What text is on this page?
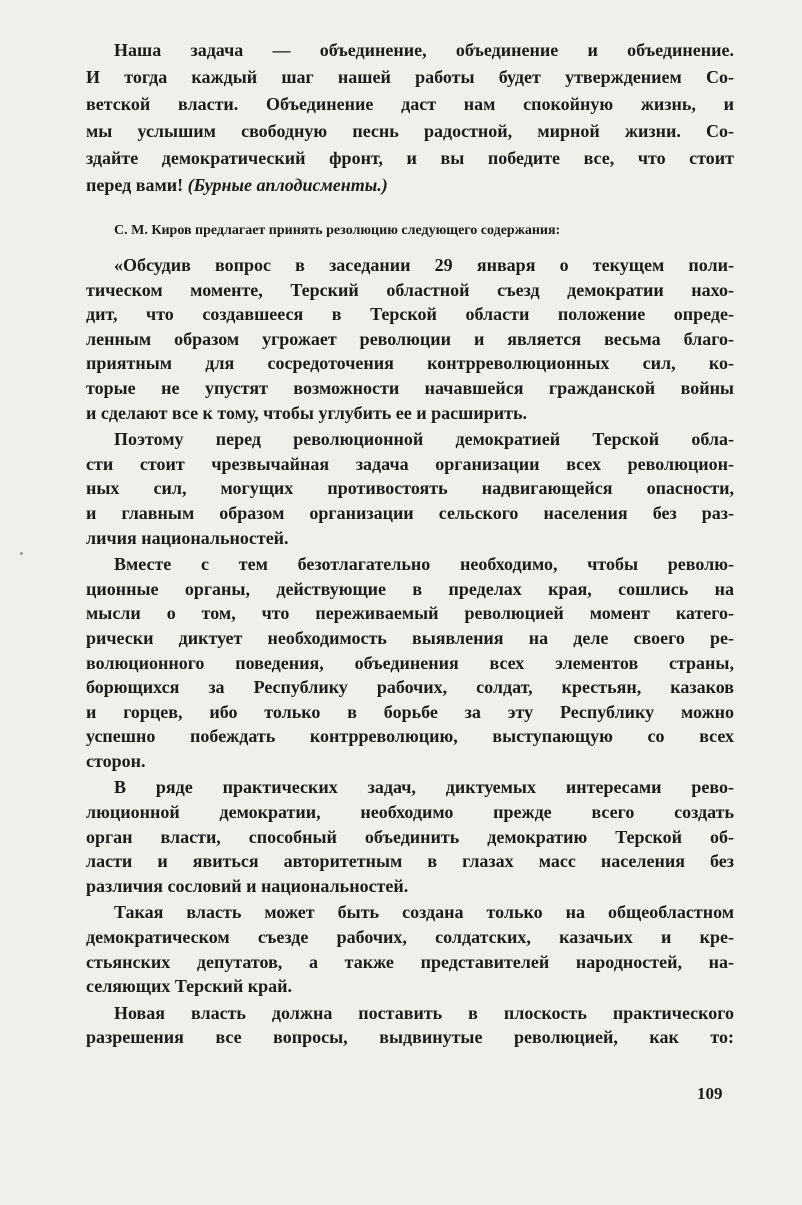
Наша задача — объединение, объединение и объединение.
И тогда каждый шаг нашей работы будет утверждением Со-
ветской власти. Объединение даст нам спокойную жизнь, и
мы услышим свободную песнь радостной, мирной жизни. Со-
здайте демократический фронт, и вы победите все, что стоит
перед вами! (Бурные аплодисменты.)
С. М. Киров предлагает принять резолюцию следующего содержания:
«Обсудив вопрос в заседании 29 января о текущем поли-
тическом моменте, Терский областной съезд демократии нахо-
дит, что создавшееся в Терской области положение опреде-
ленным образом угрожает революции и является весьма благо-
приятным для сосредоточения контрреволюционных сил, ко-
торые не упустят возможности начавшейся гражданской войны
и сделают все к тому, чтобы углубить ее и расширить.
Поэтому перед революционной демократией Терской обла-
сти стоит чрезвычайная задача организации всех революцион-
ных сил, могущих противостоять надвигающейся опасности,
и главным образом организации сельского населения без раз-
личия национальностей.
Вместе с тем безотлагательно необходимо, чтобы револю-
ционные органы, действующие в пределах края, сошлись на
мысли о том, что переживаемый революцией момент катего-
рически диктует необходимость выявления на деле своего ре-
волюционного поведения, объединения всех элементов страны,
борющихся за Республику рабочих, солдат, крестьян, казаков
и горцев, ибо только в борьбе за эту Республику можно
успешно побеждать контрреволюцию, выступающую со всех
сторон.
В ряде практических задач, диктуемых интересами рево-
люционной демократии, необходимо прежде всего создать
орган власти, способный объединить демократию Терской об-
ласти и явиться авторитетным в глазах масс населения без
различия сословий и национальностей.
Такая власть может быть создана только на общеобластном
демократическом съезде рабочих, солдатских, казачьих и кре-
стьянских депутатов, а также представителей народностей, на-
селяющих Терский край.
Новая власть должна поставить в плоскость практического
разрешения все вопросы, выдвинутые революцией, как то:
109
